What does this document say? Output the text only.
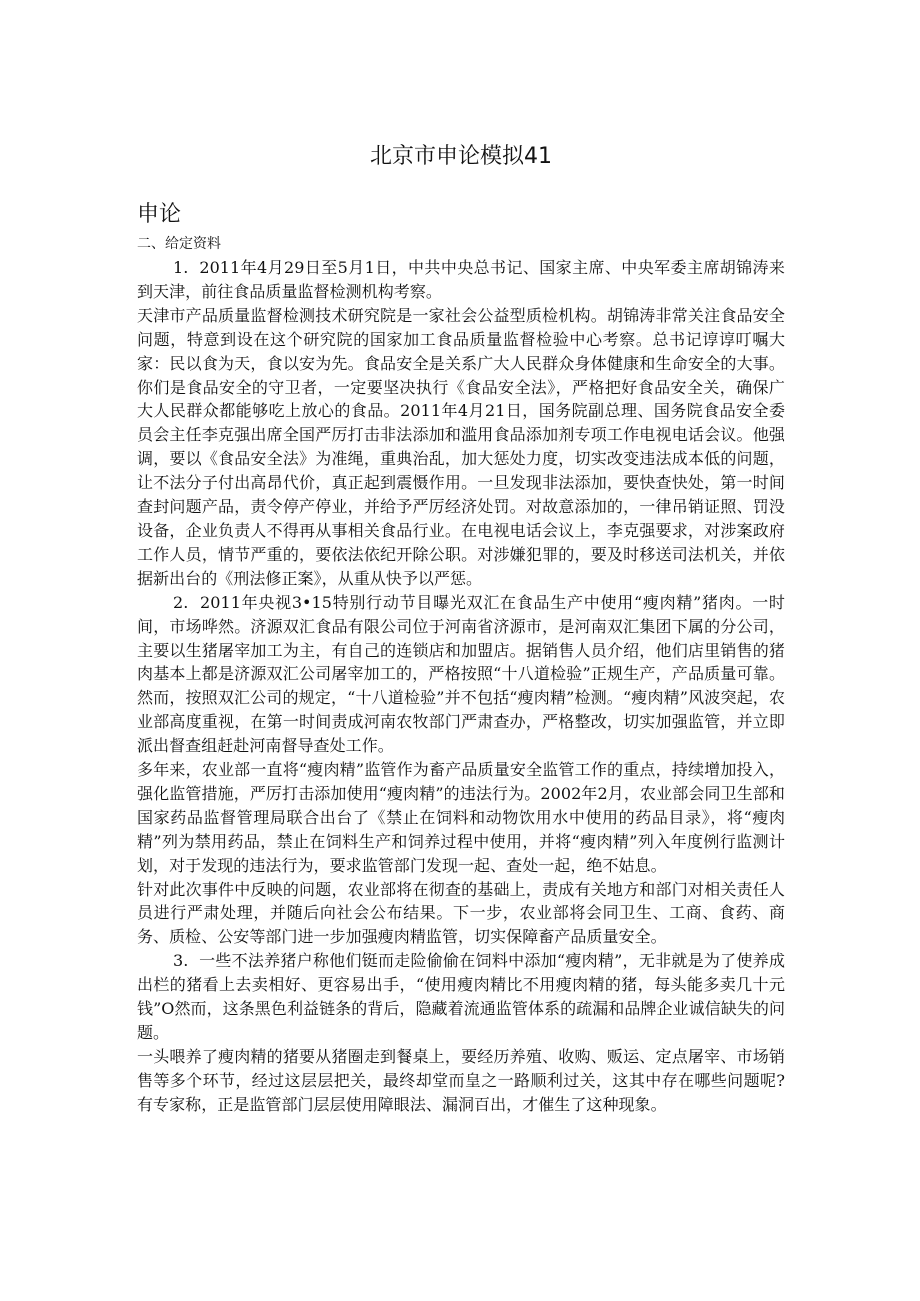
北京市申论模拟41
申论

二、给定资料

1.  2011年4月29日至5月1日，中共中央总书记、国家主席、中央军委主席胡锦涛来到天津，前往食品质量监督检测机构考察。

天津市产品质量监督检测技术研究院是一家社会公益型质检机构。胡锦涛非常关注食品安全问题，特意到设在这个研究院的国家加工食品质量监督检验中心考察。总书记谆谆叮嘱大家：民以食为天，食以安为先。食品安全是关系广大人民群众身体健康和生命安全的大事。你们是食品安全的守卫者，一定要坚决执行《食品安全法》，严格把好食品安全关，确保广大人民群众都能够吃上放心的食品。2011年4月21日，国务院副总理、国务院食品安全委员会主任李克强出席全国严厉打击非法添加和滥用食品添加剂专项工作电视电话会议。他强调，要以《食品安全法》为准绳，重典治乱，加大惩处力度，切实改变违法成本低的问题，让不法分子付出高昂代价，真正起到震慑作用。一旦发现非法添加，要快查快处，第一时间查封问题产品，责令停产停业，并给予严厉经济处罚。对故意添加的，一律吊销证照、罚没设备，企业负责人不得再从事相关食品行业。在电视电话会议上，李克强要求，对涉案政府工作人员，情节严重的，要依法依纪开除公职。对涉嫌犯罪的，要及时移送司法机关，并依据新出台的《刑法修正案》，从重从快予以严惩。

2.  2011年央视3•15特别行动节目曝光双汇在食品生产中使用“瘦肉精”猪肉。一时间，市场哗然。济源双汇食品有限公司位于河南省济源市，是河南双汇集团下属的分公司，主要以生猪屠宰加工为主，有自己的连锁店和加盟店。据销售人员介绍，他们店里销售的猪肉基本上都是济源双汇公司屠宰加工的，严格按照“十八道检验”正规生产，产品质量可靠。然而，按照双汇公司的规定，“十八道检验”并不包括“瘦肉精”检测。“瘦肉精”风波突起，农业部高度重视，在第一时间责成河南农牧部门严肃查办，严格整改，切实加强监管，并立即派出督查组赶赴河南督导查处工作。

多年来，农业部一直将“瘦肉精”监管作为畜产品质量安全监管工作的重点，持续增加投入，强化监管措施，严厉打击添加使用“瘦肉精”的违法行为。2002年2月，农业部会同卫生部和国家药品监督管理局联合出台了《禁止在饲料和动物饮用水中使用的药品目录》，将“瘦肉精”列为禁用药品，禁止在饲料生产和饲养过程中使用，并将“瘦肉精”列入年度例行监测计划，对于发现的违法行为，要求监管部门发现一起、查处一起，绝不姑息。

针对此次事件中反映的问题，农业部将在彻查的基础上，责成有关地方和部门对相关责任人员进行严肃处理，并随后向社会公布结果。下一步，农业部将会同卫生、工商、食药、商务、质检、公安等部门进一步加强瘦肉精监管，切实保障畜产品质量安全。

3.  一些不法养猪户称他们铤而走险偷偷在饲料中添加“瘦肉精”，无非就是为了使养成出栏的猪看上去卖相好、更容易出手，“使用瘦肉精比不用瘦肉精的猪，每头能多卖几十元钱”O然而，这条黑色利益链条的背后，隐藏着流通监管体系的疏漏和品牌企业诚信缺失的问题。

一头喂养了瘦肉精的猪要从猪圈走到餐桌上，要经历养殖、收购、贩运、定点屠宰、市场销售等多个环节，经过这层层把关，最终却堂而皇之一路顺利过关，这其中存在哪些问题呢?有专家称，正是监管部门层层使用障眼法、漏洞百出，才催生了这种现象。
